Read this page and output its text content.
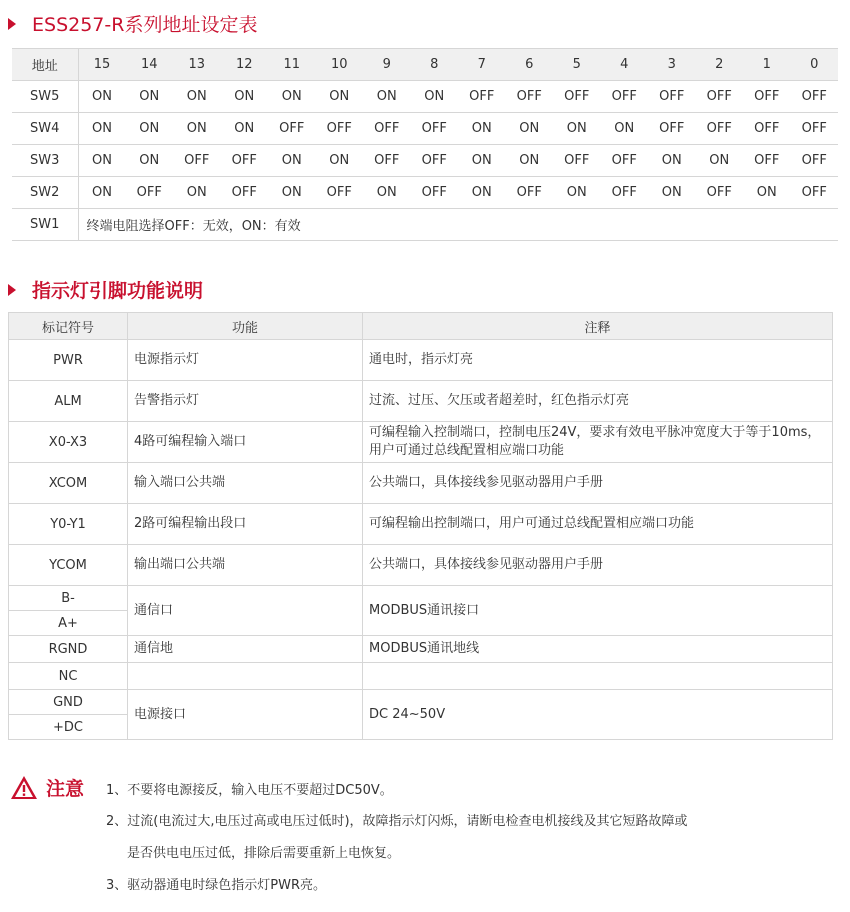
ESS257-R系列地址设定表
地址	15	14	13	12	11	10	9	8	7	6	5	4	3	2	1	0
SW5	ON	ON	ON	ON	ON	ON	ON	ON	OFF	OFF	OFF	OFF	OFF	OFF	OFF	OFF
SW4	ON	ON	ON	ON	OFF	OFF	OFF	OFF	ON	ON	ON	ON	OFF	OFF	OFF	OFF
SW3	ON	ON	OFF	OFF	ON	ON	OFF	OFF	ON	ON	OFF	OFF	ON	ON	OFF	OFF
SW2	ON	OFF	ON	OFF	ON	OFF	ON	OFF	ON	OFF	ON	OFF	ON	OFF	ON	OFF
SW1	终端电阻选择OFF：无效，ON：有效															
指示灯引脚功能说明
标记符号	功能	注释
PWR	电源指示灯	通电时，指示灯亮
ALM	告警指示灯	过流、过压、欠压或者超差时，红色指示灯亮
X0-X3	4路可编程输入端口	可编程输入控制端口，控制电压24V，要求有效电平脉冲宽度大于等于10ms，用户可通过总线配置相应端口功能
XCOM	输入端口公共端	公共端口，具体接线参见驱动器用户手册
Y0-Y1	2路可编程输出段口	可编程输出控制端口，用户可通过总线配置相应端口功能
YCOM	输出端口公共端	公共端口，具体接线参见驱动器用户手册
B-	通信口	MODBUS通讯接口
A+		
RGND	通信地	MODBUS通讯地线
NC		
GND	电源接口	DC 24~50V
+DC		
注意 1、不要将电源接反，输入电压不要超过DC50V。
2、过流(电流过大,电压过高或电压过低时)，故障指示灯闪烁，请断电检查电机接线及其它短路故障或
是否供电电压过低，排除后需要重新上电恢复。
3、驱动器通电时绿色指示灯PWR亮。
